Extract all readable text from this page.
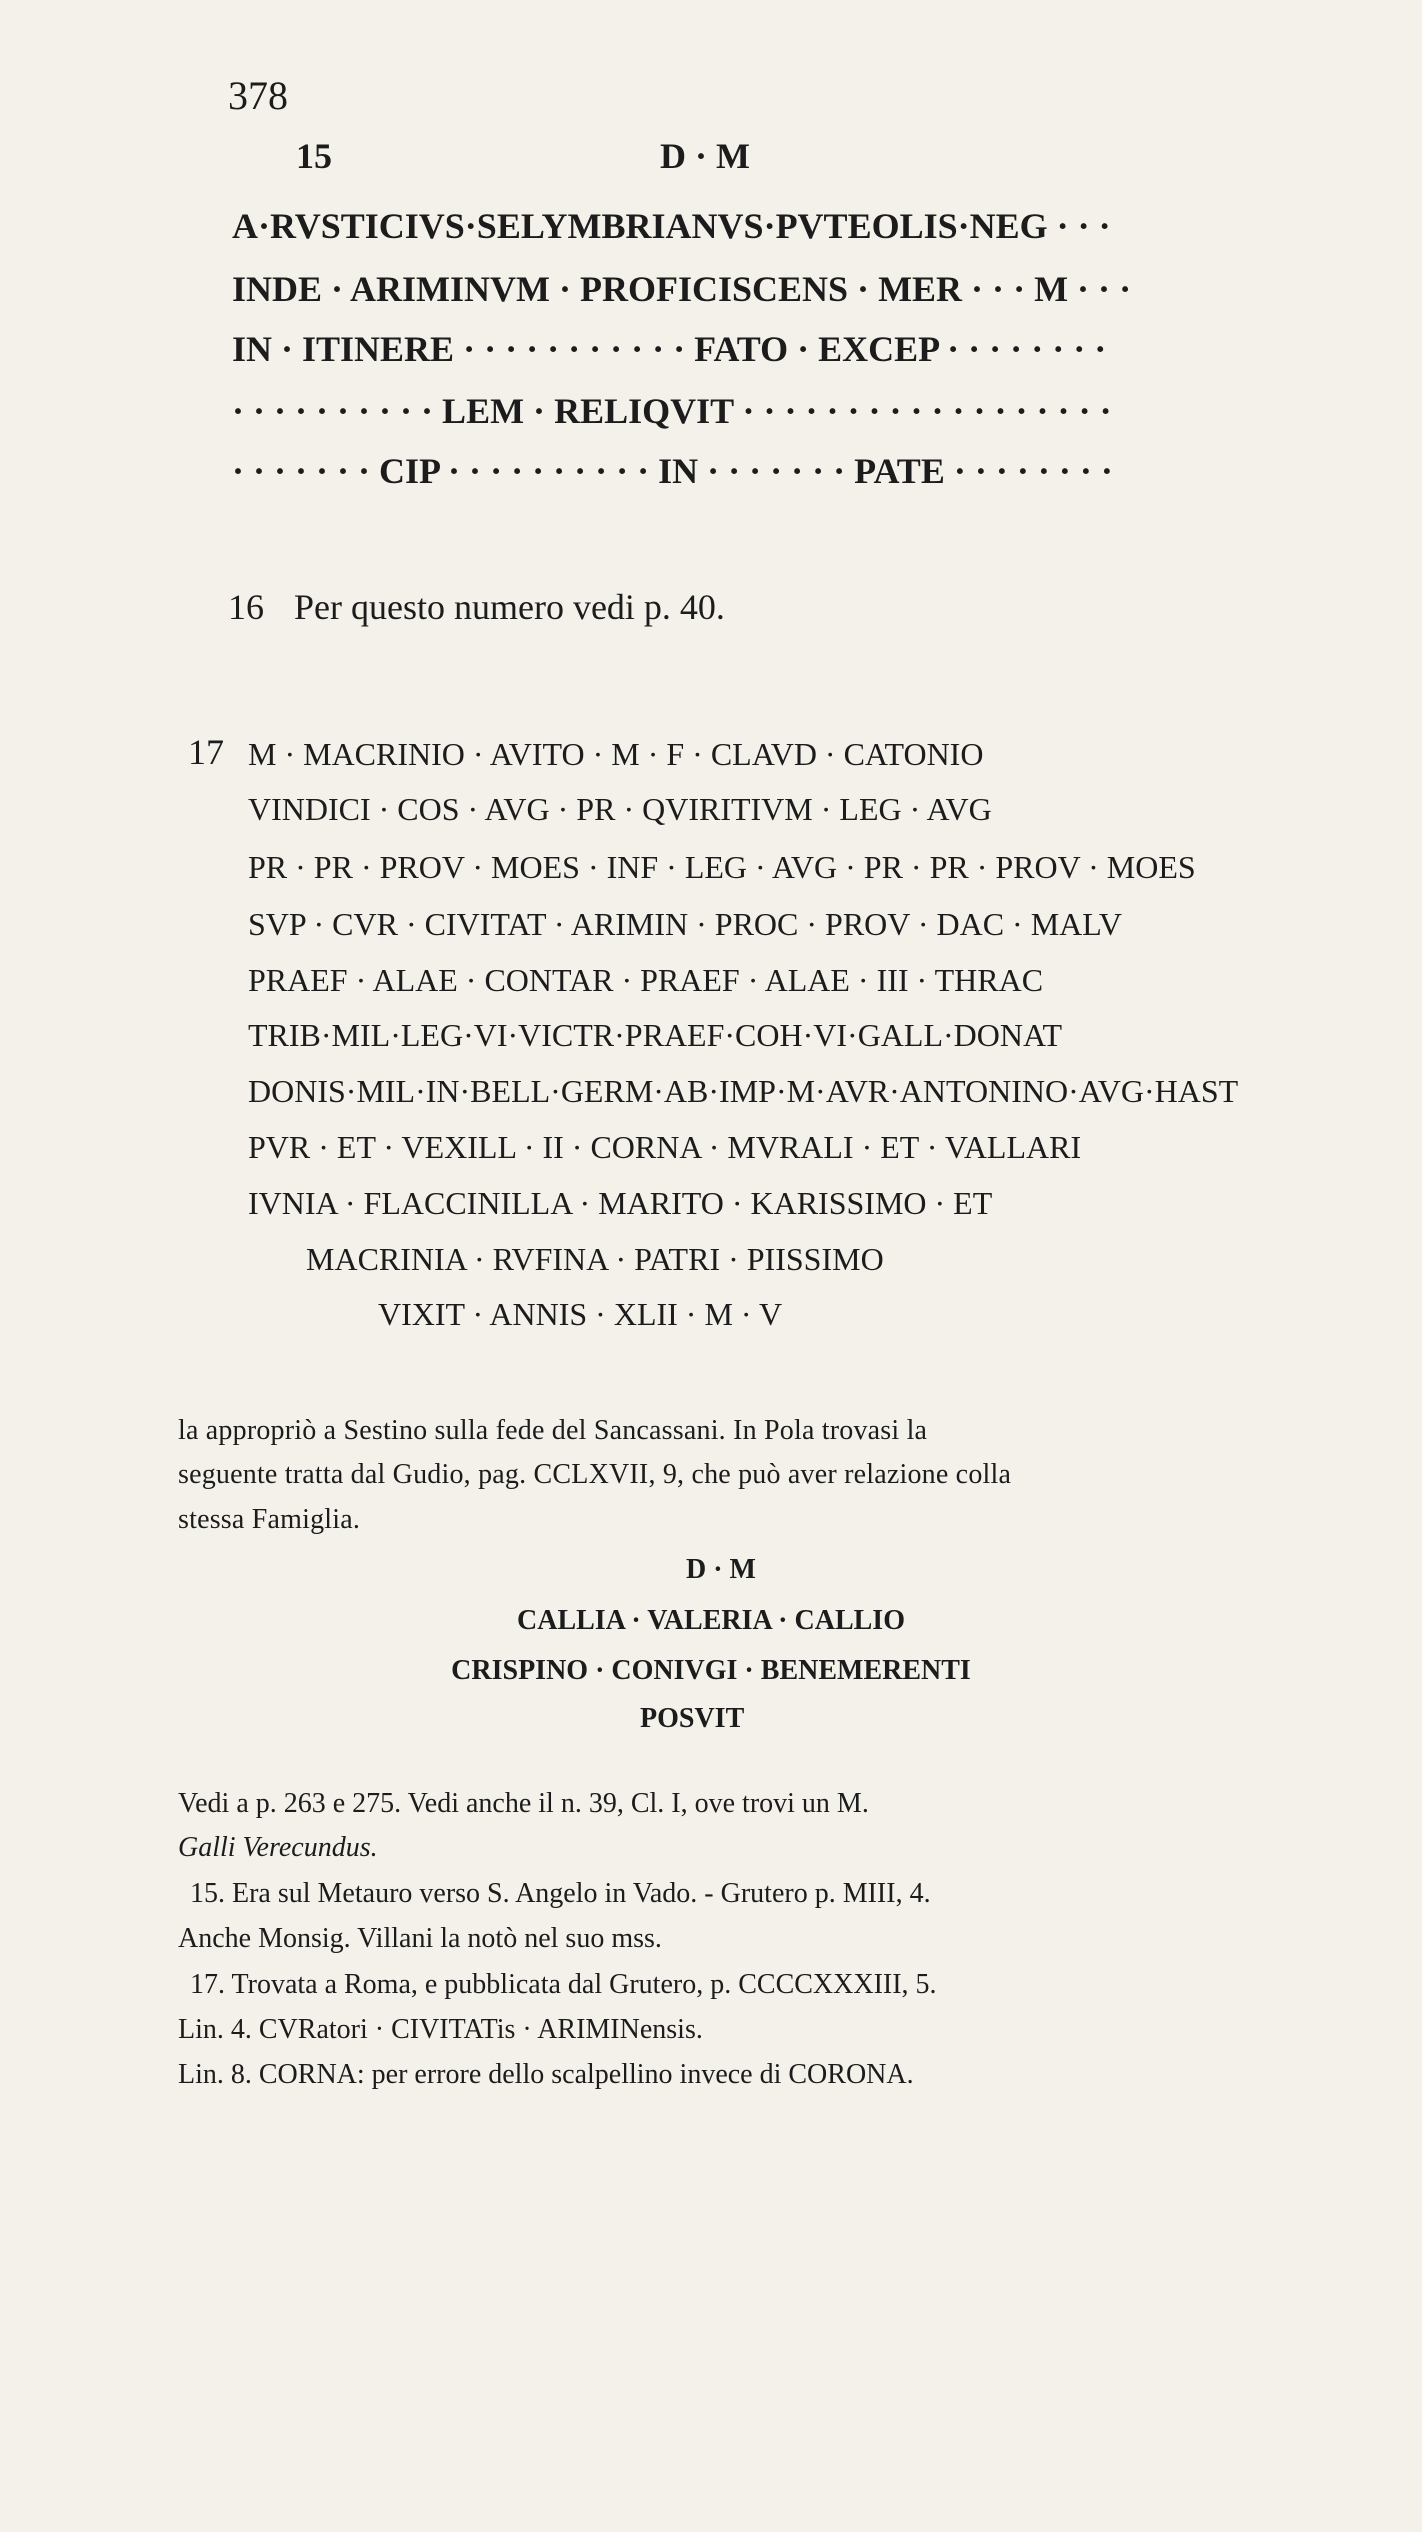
378
15	D · M
A·RVSTICIVS·SELYMBRIANVS·PVTEOLIS·NEG · · ·
INDE · ARIMINVM · PROFICISCENS · MER · · · M · · ·
IN · ITINERE · · · · · · · · · · · FATO · EXCEP · · · · · · · ·
· · · · · · · · · · LEM · RELIQVIT · · · · · · · · · · · · · · · · · ·
· · · · · · · CIP · · · · · · · · · · IN · · · · · · · PATE · · · · · · · ·
16 Per questo numero vedi p. 40.
17 M · MACRINIO · AVITO · M · F · CLAVD · CATONIO
VINDICI · COS · AVG · PR · QVIRITIVM · LEG · AVG
PR · PR · PROV · MOES · INF · LEG · AVG · PR · PR · PROV · MOES
SVP · CVR · CIVITAT · ARIMIN · PROC · PROV · DAC · MALV
PRAEF · ALAE · CONTAR · PRAEF · ALAE · III · THRAC
TRIB·MIL·LEG·VI·VICTR·PRAEF·COH·VI·GALL·DONAT
DONIS·MIL·IN·BELL·GERM·AB·IMP·M·AVR·ANTONINO·AVG·HAST
PVR · ET · VEXILL · II · CORNA · MVRALI · ET · VALLARI
IVNIA · FLACCINILLA · MARITO · KARISSIMO · ET
MACRINIA · RVFINA · PATRI · PIISSIMO
VIXIT · ANNIS · XLII · M · V
la appropriò a Sestino sulla fede del Sancassani. In Pola trovasi la
seguente tratta dal Gudio, pag. CCLXVII, 9, che può aver relazione colla
stessa Famiglia.
D · M
CALLIA · VALERIA · CALLIO
CRISPINO · CONIVGI · BENEMERENTI
POSVIT
Vedi a p. 263 e 275. Vedi anche il n. 39, Cl. I, ove trovi un M.
Galli Verecundus.
15. Era sul Metauro verso S. Angelo in Vado. - Grutero p. MIII, 4.
Anche Monsig. Villani la notò nel suo mss.
17. Trovata a Roma, e pubblicata dal Grutero, p. CCCCXXXIII, 5.
Lin. 4. CVRatori · CIVITATis · ARIMINensis.
Lin. 8. CORNA: per errore dello scalpellino invece di CORONA.
